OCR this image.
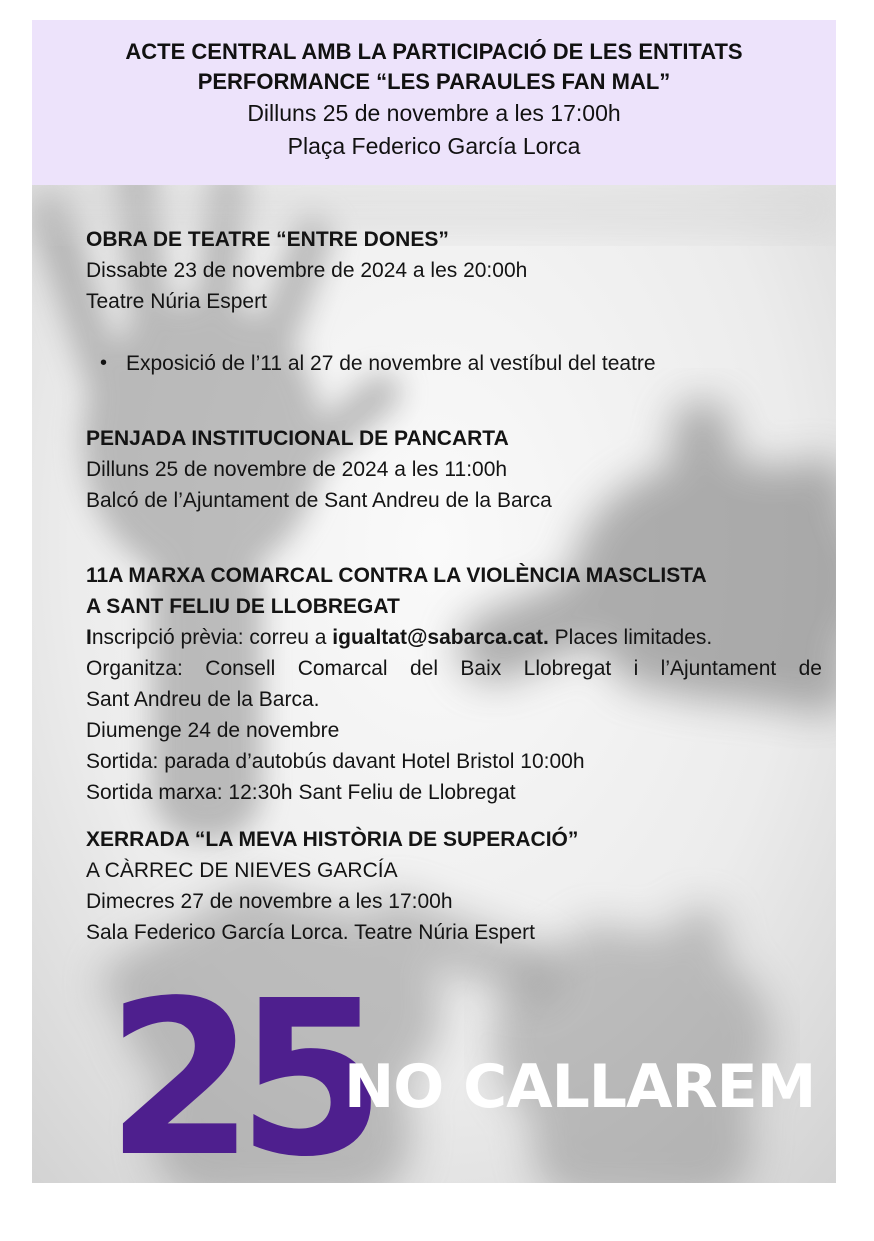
ACTE CENTRAL AMB LA PARTICIPACIÓ DE LES ENTITATS
PERFORMANCE “LES PARAULES FAN MAL”
Dilluns 25 de novembre a les 17:00h
Plaça Federico García Lorca
OBRA DE TEATRE “ENTRE DONES”
Dissabte 23 de novembre de 2024 a les 20:00h
Teatre Núria Espert
• Exposició de l’11 al 27 de novembre al vestíbul del teatre
PENJADA INSTITUCIONAL DE PANCARTA
Dilluns 25 de novembre de 2024 a les 11:00h
Balcó de l’Ajuntament de Sant Andreu de la Barca
11A MARXA COMARCAL CONTRA LA VIOLÈNCIA MASCLISTA
A SANT FELIU DE LLOBREGAT
Inscripció prèvia: correu a igualtat@sabarca.cat. Places limitades.
Organitza: Consell Comarcal del Baix Llobregat i l’Ajuntament de
Sant Andreu de la Barca.
Diumenge 24 de novembre
Sortida: parada d’autobús davant Hotel Bristol 10:00h
Sortida marxa: 12:30h Sant Feliu de Llobregat
XERRADA “LA MEVA HISTÒRIA DE SUPERACIÓ”
A CÀRREC DE NIEVES GARCÍA
Dimecres 27 de novembre a les 17:00h
Sala Federico García Lorca. Teatre Núria Espert
25
NO CALLAREM
